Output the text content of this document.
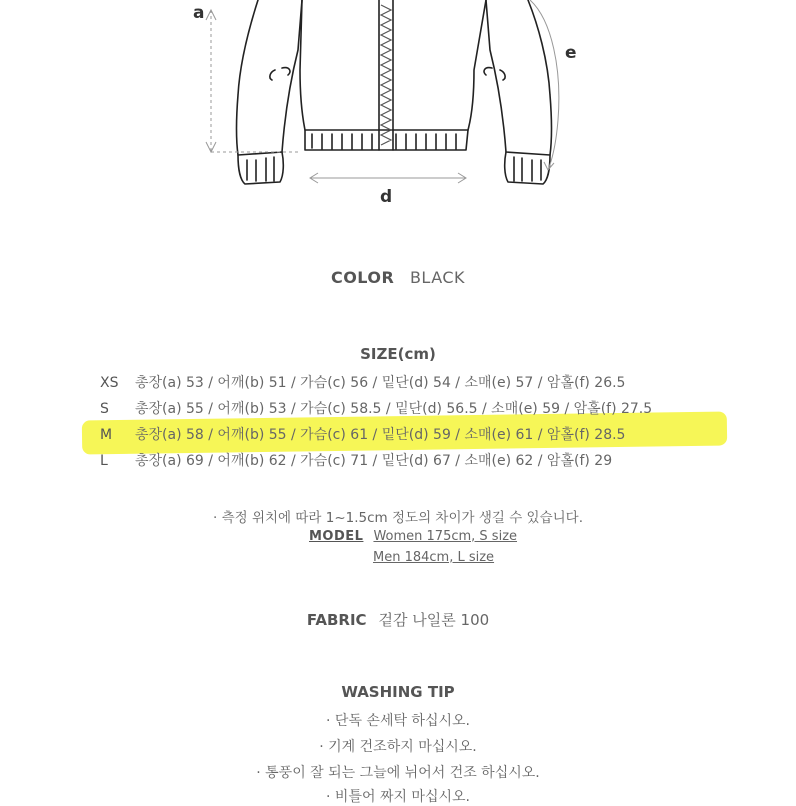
a
d
e
COLOR BLACK
SIZE(cm)
XS 총장(a) 53 / 어깨(b) 51 / 가슴(c) 56 / 밑단(d) 54 / 소매(e) 57 / 암홀(f) 26.5
S 총장(a) 55 / 어깨(b) 53 / 가슴(c) 58.5 / 밑단(d) 56.5 / 소매(e) 59 / 암홀(f) 27.5
M 총장(a) 58 / 어깨(b) 55 / 가슴(c) 61 / 밑단(d) 59 / 소매(e) 61 / 암홀(f) 28.5
L 총장(a) 69 / 어깨(b) 62 / 가슴(c) 71 / 밑단(d) 67 / 소매(e) 62 / 암홀(f) 29
· 측정 위치에 따라 1~1.5cm 정도의 차이가 생길 수 있습니다.
MODEL Women 175cm, S size
Men 184cm, L size
FABRIC 겉감 나일론 100
WASHING TIP
· 단독 손세탁 하십시오.
· 기계 건조하지 마십시오.
· 통풍이 잘 되는 그늘에 뉘어서 건조 하십시오.
· 비틀어 짜지 마십시오.
